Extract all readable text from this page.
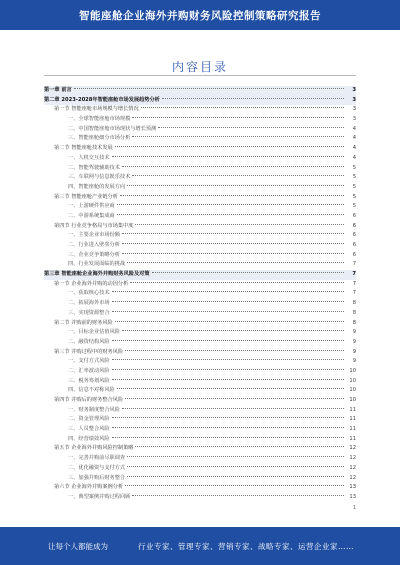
智能座舱企业海外并购财务风险控制策略研究报告
内容目录
第一章 前言	3
第二章 2023-2028年智能座舱市场发展趋势分析	3
第一节 智能座舱市场规模与增长情况	3
一、全球智能座舱市场规模	3
二、中国智能座舱市场现状与增长预测	4
三、智能座舱细分市场分析	4
第二节 智能座舱技术发展	4
一、人机交互技术	4
二、智能驾驶辅助技术	5
三、车联网与信息娱乐技术	5
四、智能座舱的发展方向	5
第三节 智能座舱产业链分析	5
一、上游硬件供应商	5
二、中游系统集成商	6
第四节 行业竞争格局与市场集中度	6
一、主要企业市场份额	6
二、行业进入壁垒分析	6
三、企业竞争策略分析	6
四、行业发展面临的挑战	7
第三章 智能座舱企业海外并购财务风险及对策	7
第一节 企业海外并购的动因分析	7
一、获取核心技术	7
二、拓展海外市场	8
三、实现资源整合	8
第二节 并购前的财务风险	8
一、目标企业估值风险	9
二、融资结构风险	9
第三节 并购过程中的财务风险	9
一、支付方式风险	9
二、汇率波动风险	10
三、税务筹划风险	10
四、信息不对称风险	10
第四节 并购后的财务整合风险	10
一、财务制度整合风险	11
二、资金管理风险	11
三、人员整合风险	11
四、经营绩效风险	11
第五节 企业海外并购风险控制策略	12
一、完善并购前尽职调查	12
二、优化融资与支付方式	12
三、加强并购后财务整合	12
第六节 企业海外并购案例分析	13
一、典型案例并购过程回顾	13
1
让每个人都能成为	行业专家、管理专家、营销专家、战略专家、运营企业家……
